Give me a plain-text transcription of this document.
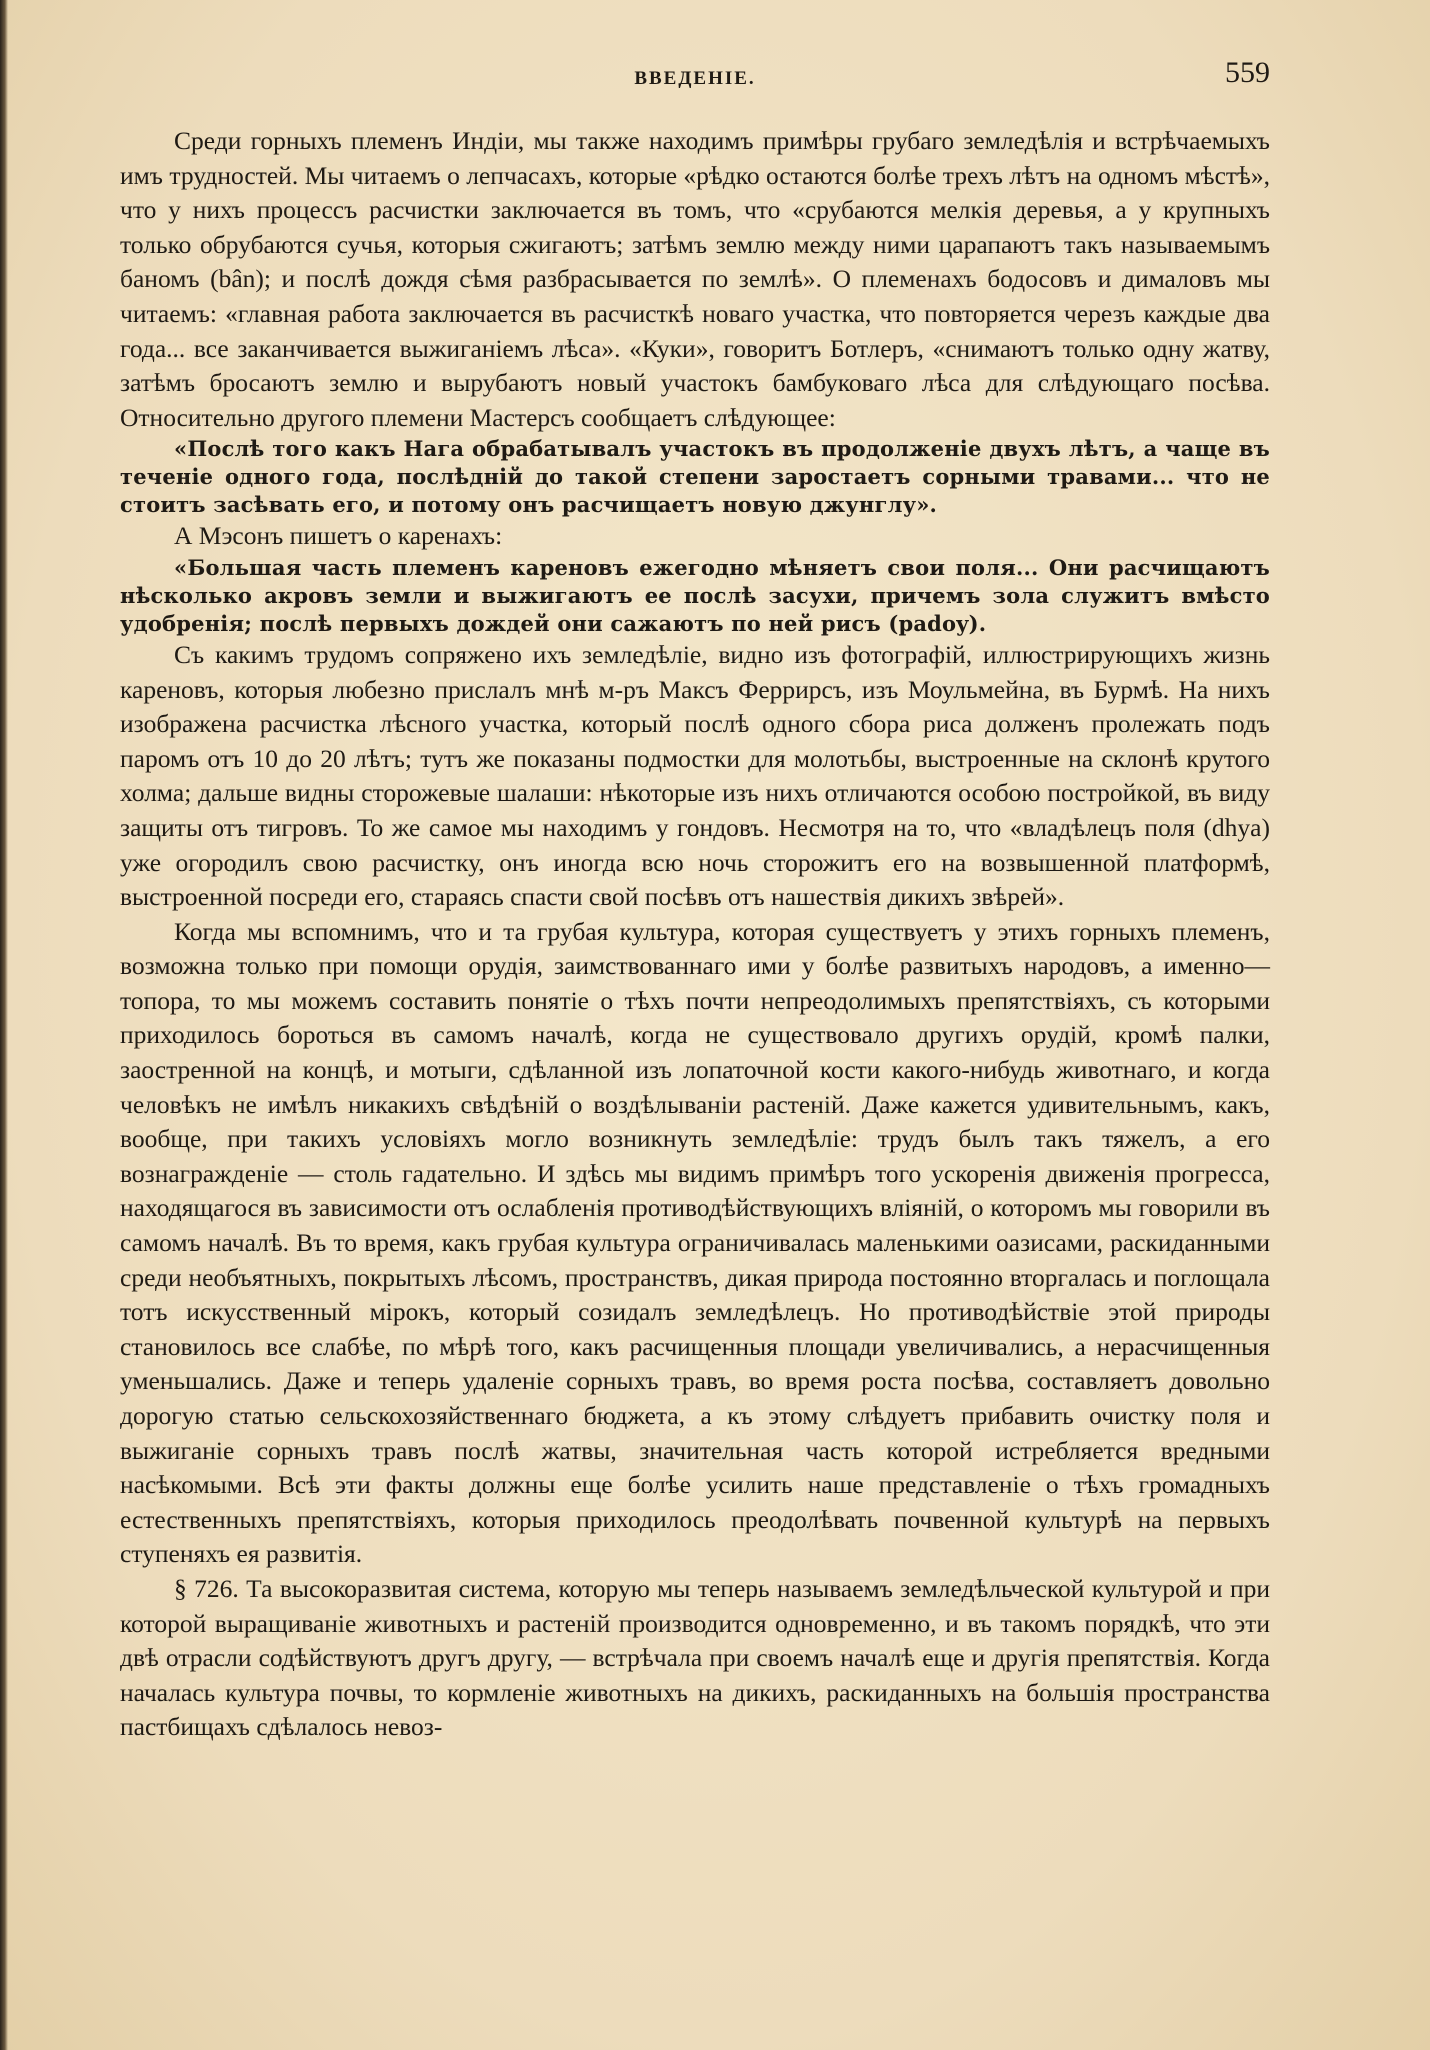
ВВЕДЕНІЕ.	559

Среди горныхъ племенъ Индіи, мы также находимъ примѣры грубаго земледѣлія и встрѣчаемыхъ имъ трудностей. Мы читаемъ о лепчасахъ, которые «рѣдко остаются болѣе трехъ лѣтъ на одномъ мѣстѣ», что у нихъ процессъ расчистки заключается въ томъ, что «срубаются мелкія деревья, а у крупныхъ только обрубаются сучья, которыя сжигаютъ; затѣмъ землю между ними царапаютъ такъ называемымъ баномъ (bân); и послѣ дождя сѣмя разбрасывается по землѣ». О племенахъ бодосовъ и дималовъ мы читаемъ: «главная работа заключается въ расчисткѣ новаго участка, что повторяется черезъ каждые два года... все заканчивается выжиганіемъ лѣса». «Куки», говоритъ Ботлеръ, «снимаютъ только одну жатву, затѣмъ бросаютъ землю и вырубаютъ новый участокъ бамбуковаго лѣса для слѣдующаго посѣва. Относительно другого племени Мастерсъ сообщаетъ слѣдующее:

«Послѣ того какъ Нага обрабатывалъ участокъ въ продолженіе двухъ лѣтъ, а чаще въ теченіе одного года, послѣдній до такой степени заростаетъ сорными травами... что не стоитъ засѣвать его, и потому онъ расчищаетъ новую джунглу».

А Мэсонъ пишетъ о каренахъ:

«Большая часть племенъ кареновъ ежегодно мѣняетъ свои поля... Они расчищаютъ нѣсколько акровъ земли и выжигаютъ ее послѣ засухи, причемъ зола служитъ вмѣсто удобренія; послѣ первыхъ дождей они сажаютъ по ней рисъ (padoy).

Съ какимъ трудомъ сопряжено ихъ земледѣліе, видно изъ фотографій, иллюстрирующихъ жизнь кареновъ, которыя любезно прислалъ мнѣ м-ръ Максъ Феррирсъ, изъ Моульмейна, въ Бурмѣ. На нихъ изображена расчистка лѣсного участка, который послѣ одного сбора риса долженъ пролежать подъ паромъ отъ 10 до 20 лѣтъ; тутъ же показаны подмостки для молотьбы, выстроенные на склонѣ крутого холма; дальше видны сторожевые шалаши: нѣкоторые изъ нихъ отличаются особою постройкой, въ виду защиты отъ тигровъ. То же самое мы находимъ у гондовъ. Несмотря на то, что «владѣлецъ поля (dhya) уже огородилъ свою расчистку, онъ иногда всю ночь сторожитъ его на возвышенной платформѣ, выстроенной посреди его, стараясь спасти свой посѣвъ отъ нашествія дикихъ звѣрей».

Когда мы вспомнимъ, что и та грубая культура, которая существуетъ у этихъ горныхъ племенъ, возможна только при помощи орудія, заимствованнаго ими у болѣе развитыхъ народовъ, а именно—топора, то мы можемъ составить понятіе о тѣхъ почти непреодолимыхъ препятствіяхъ, съ которыми приходилось бороться въ самомъ началѣ, когда не существовало другихъ орудій, кромѣ палки, заостренной на концѣ, и мотыги, сдѣланной изъ лопаточной кости какого-нибудь животнаго, и когда человѣкъ не имѣлъ никакихъ свѣдѣній о воздѣлываніи растеній. Даже кажется удивительнымъ, какъ, вообще, при такихъ условіяхъ могло возникнуть земледѣліе: трудъ былъ такъ тяжелъ, а его вознагражденіе — столь гадательно. И здѣсь мы видимъ примѣръ того ускоренія движенія прогресса, находящагося въ зависимости отъ ослабленія противодѣйствующихъ вліяній, о которомъ мы говорили въ самомъ началѣ. Въ то время, какъ грубая культура ограничивалась маленькими оазисами, раскиданными среди необъятныхъ, покрытыхъ лѣсомъ, пространствъ, дикая природа постоянно вторгалась и поглощала тотъ искусственный мірокъ, который созидалъ земледѣлецъ. Но противодѣйствіе этой природы становилось все слабѣе, по мѣрѣ того, какъ расчищенныя площади увеличивались, а нерасчищенныя уменьшались. Даже и теперь удаленіе сорныхъ травъ, во время роста посѣва, составляетъ довольно дорогую статью сельскохозяйственнаго бюджета, а къ этому слѣдуетъ прибавить очистку поля и выжиганіе сорныхъ травъ послѣ жатвы, значительная часть которой истребляется вредными насѣкомыми. Всѣ эти факты должны еще болѣе усилить наше представленіе о тѣхъ громадныхъ естественныхъ препятствіяхъ, которыя приходилось преодолѣвать почвенной культурѣ на первыхъ ступеняхъ ея развитія.

§ 726. Та высокоразвитая система, которую мы теперь называемъ земледѣльческой культурой и при которой выращиваніе животныхъ и растеній производится одновременно, и въ такомъ порядкѣ, что эти двѣ отрасли содѣйствуютъ другъ другу, — встрѣчала при своемъ началѣ еще и другія препятствія. Когда началась культура почвы, то кормленіе животныхъ на дикихъ, раскиданныхъ на большія пространства пастбищахъ сдѣлалось невоз-
